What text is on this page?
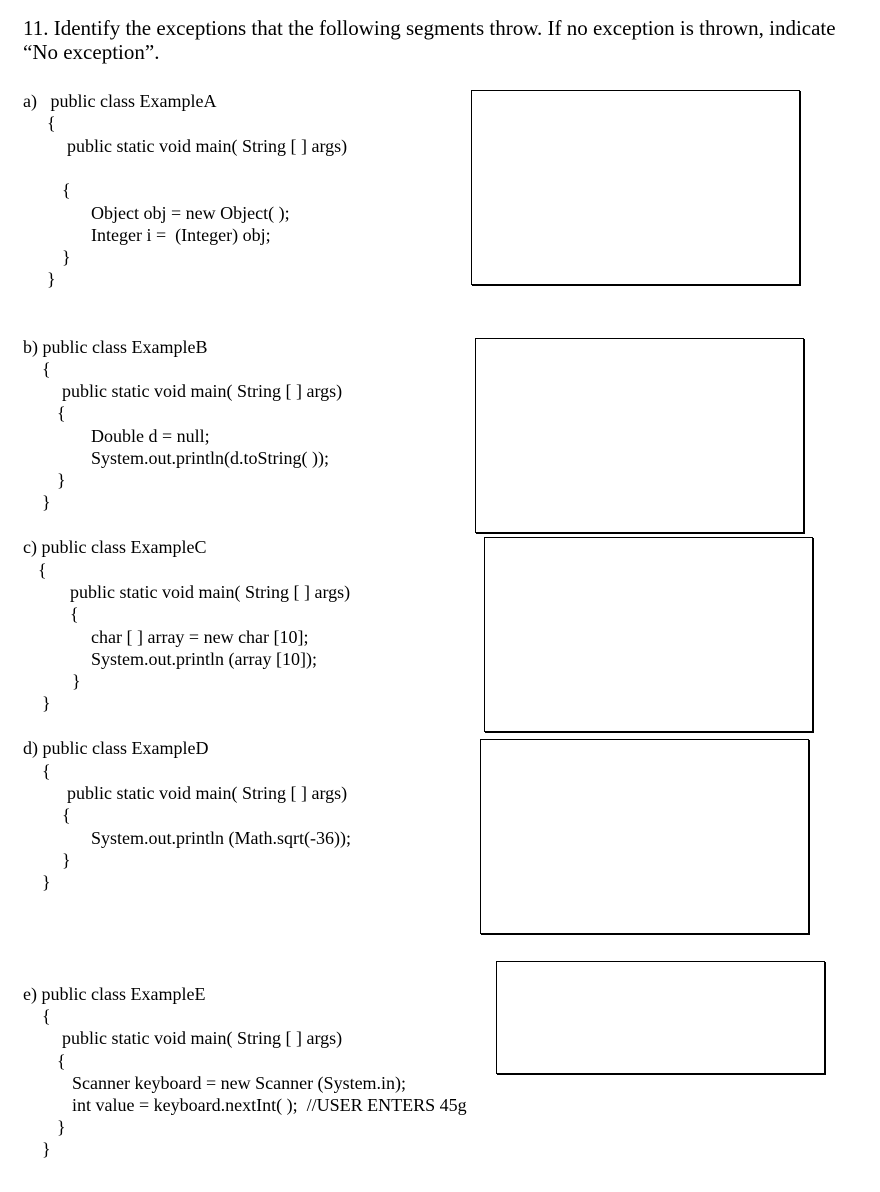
11. Identify the exceptions that the following segments throw. If no exception is thrown, indicate “No exception”.

a)   public class ExampleA
{
public static void main( String [ ] args)
{
Object obj = new Object( );
Integer i =  (Integer) obj;
}
}
b) public class ExampleB
{
public static void main( String [ ] args)
{
Double d = null;
System.out.println(d.toString( ));
}
}
c) public class ExampleC
{
public static void main( String [ ] args)
{
char [ ] array = new char [10];
System.out.println (array [10]);
}
}
d) public class ExampleD
{
public static void main( String [ ] args)
{
System.out.println (Math.sqrt(-36));
}
}
e) public class ExampleE
{
public static void main( String [ ] args)
{
Scanner keyboard = new Scanner (System.in);
int value = keyboard.nextInt( );  //USER ENTERS 45g
}
}
